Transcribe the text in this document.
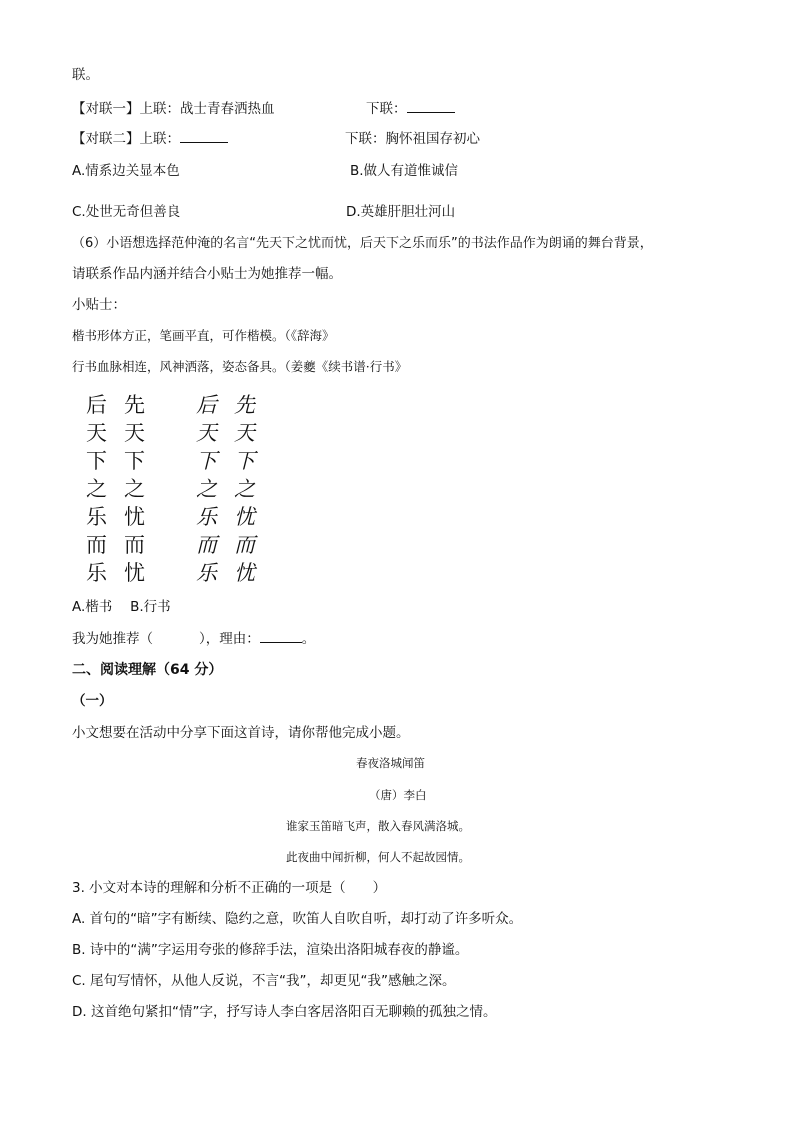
联。
【对联一】上联：战士青春洒热血	下联：
【对联二】上联：	下联：胸怀祖国存初心
A.情系边关显本色	B.做人有道惟诚信
C.处世无奇但善良	D.英雄肝胆壮河山
（6）小语想选择范仲淹的名言“先天下之忧而忧，后天下之乐而乐”的书法作品作为朗诵的舞台背景，
请联系作品内涵并结合小贴士为她推荐一幅。
小贴士：
楷书形体方正，笔画平直，可作楷模。（《辞海》
行书血脉相连，风神洒落，姿态备具。（姜夔《续书谱·行书》
后 先
天 天
下 下
之 之
乐 忧
而 而
乐 忧
后 先
天 天
下 下
之 之
乐 忧
而 而
乐 忧
A.楷书　 B.行书
我为她推荐（	），理由：	。
二、阅读理解（64 分）
（一）
小文想要在活动中分享下面这首诗，请你帮他完成小题。
春夜洛城闻笛
（唐）李白
谁家玉笛暗飞声，散入春风满洛城。
此夜曲中闻折柳，何人不起故园情。
3. 小文对本诗的理解和分析不正确的一项是（　　）
A. 首句的“暗”字有断续、隐约之意，吹笛人自吹自听，却打动了许多听众。
B. 诗中的“满”字运用夸张的修辞手法，渲染出洛阳城春夜的静谧。
C. 尾句写情怀，从他人反说，不言“我”，却更见“我”感触之深。
D. 这首绝句紧扣“情”字，抒写诗人李白客居洛阳百无聊赖的孤独之情。
